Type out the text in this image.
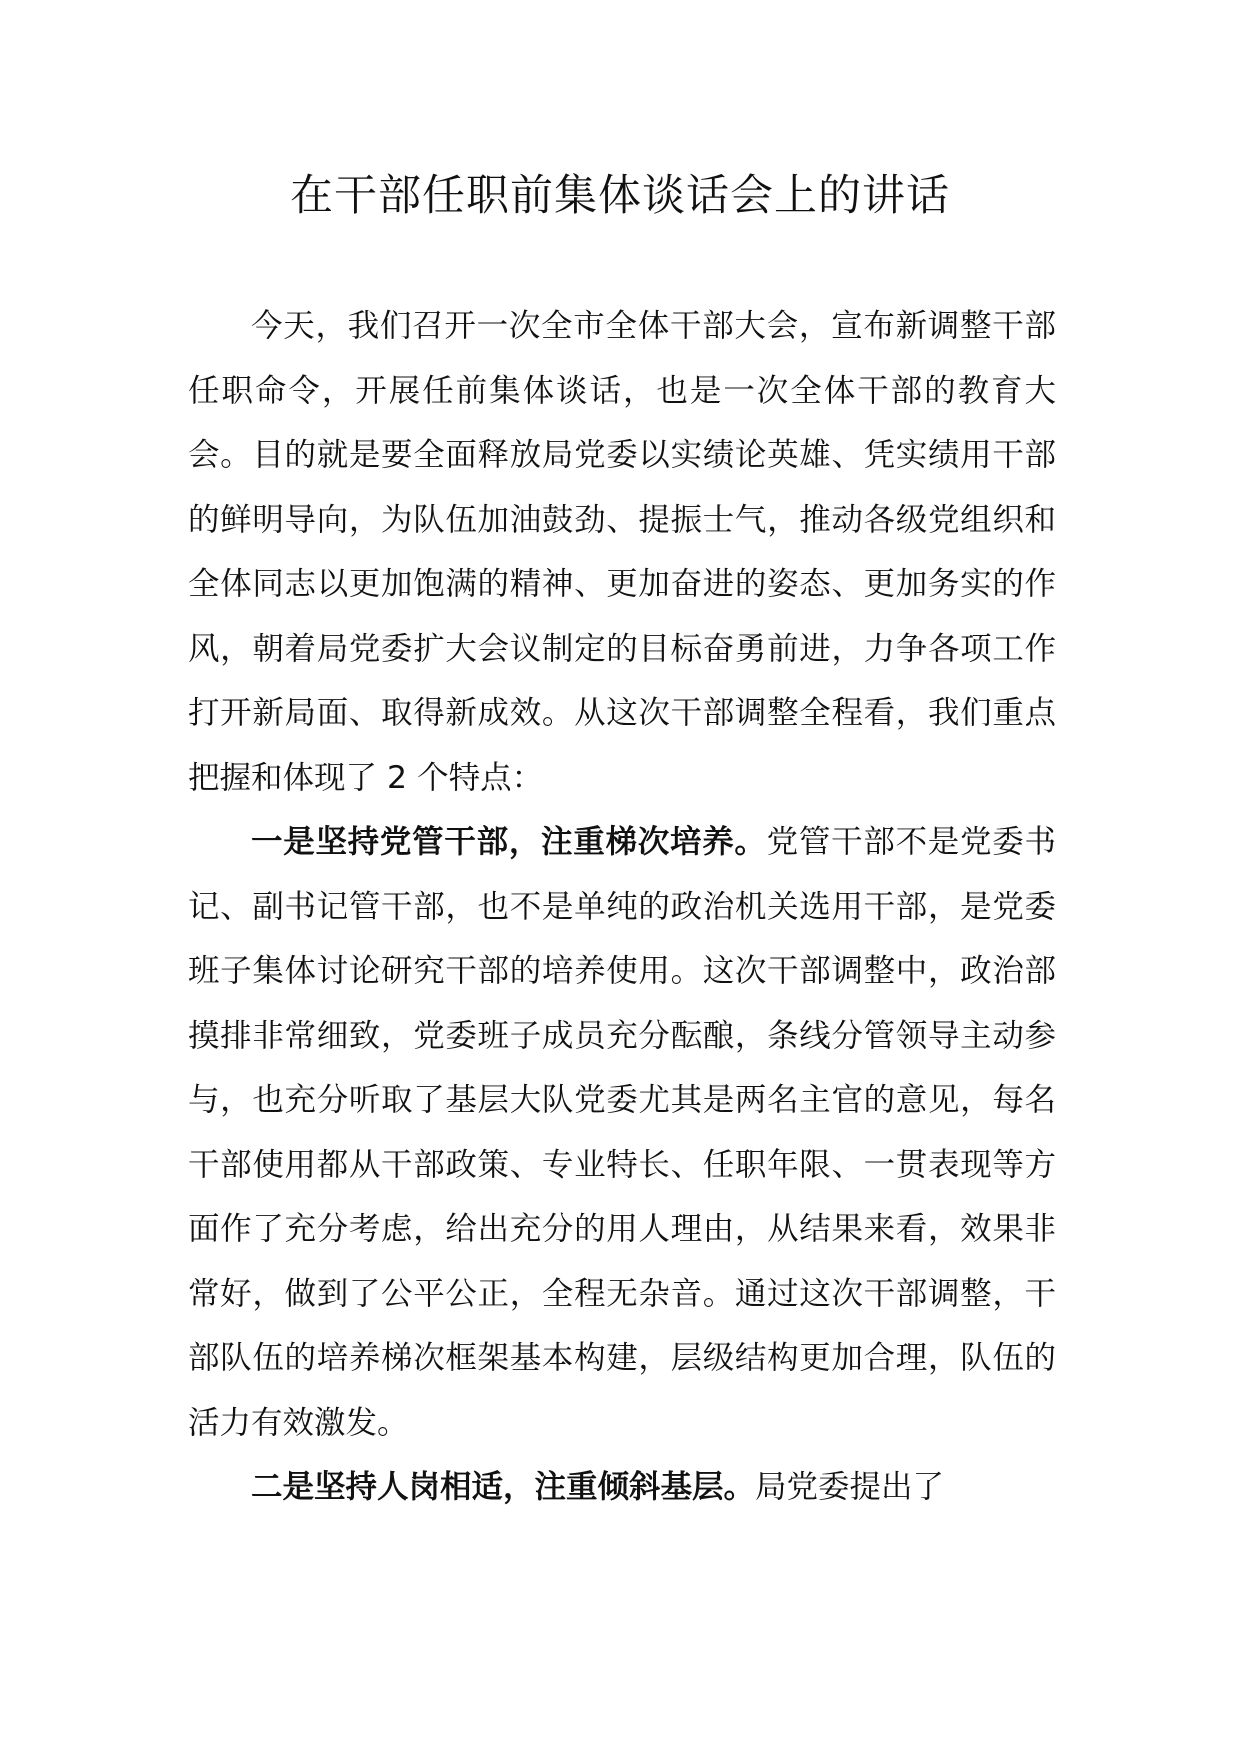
在干部任职前集体谈话会上的讲话

今天，我们召开一次全市全体干部大会，宣布新调整干部任职命令，开展任前集体谈话，也是一次全体干部的教育大会。目的就是要全面释放局党委以实绩论英雄、凭实绩用干部的鲜明导向，为队伍加油鼓劲、提振士气，推动各级党组织和全体同志以更加饱满的精神、更加奋进的姿态、更加务实的作风，朝着局党委扩大会议制定的目标奋勇前进，力争各项工作打开新局面、取得新成效。从这次干部调整全程看，我们重点把握和体现了 2 个特点：

一是坚持党管干部，注重梯次培养。党管干部不是党委书记、副书记管干部，也不是单纯的政治机关选用干部，是党委班子集体讨论研究干部的培养使用。这次干部调整中，政治部摸排非常细致，党委班子成员充分酝酿，条线分管领导主动参与，也充分听取了基层大队党委尤其是两名主官的意见，每名干部使用都从干部政策、专业特长、任职年限、一贯表现等方面作了充分考虑，给出充分的用人理由，从结果来看，效果非常好，做到了公平公正，全程无杂音。通过这次干部调整，干部队伍的培养梯次框架基本构建，层级结构更加合理，队伍的活力有效激发。

二是坚持人岗相适，注重倾斜基层。局党委提出了
